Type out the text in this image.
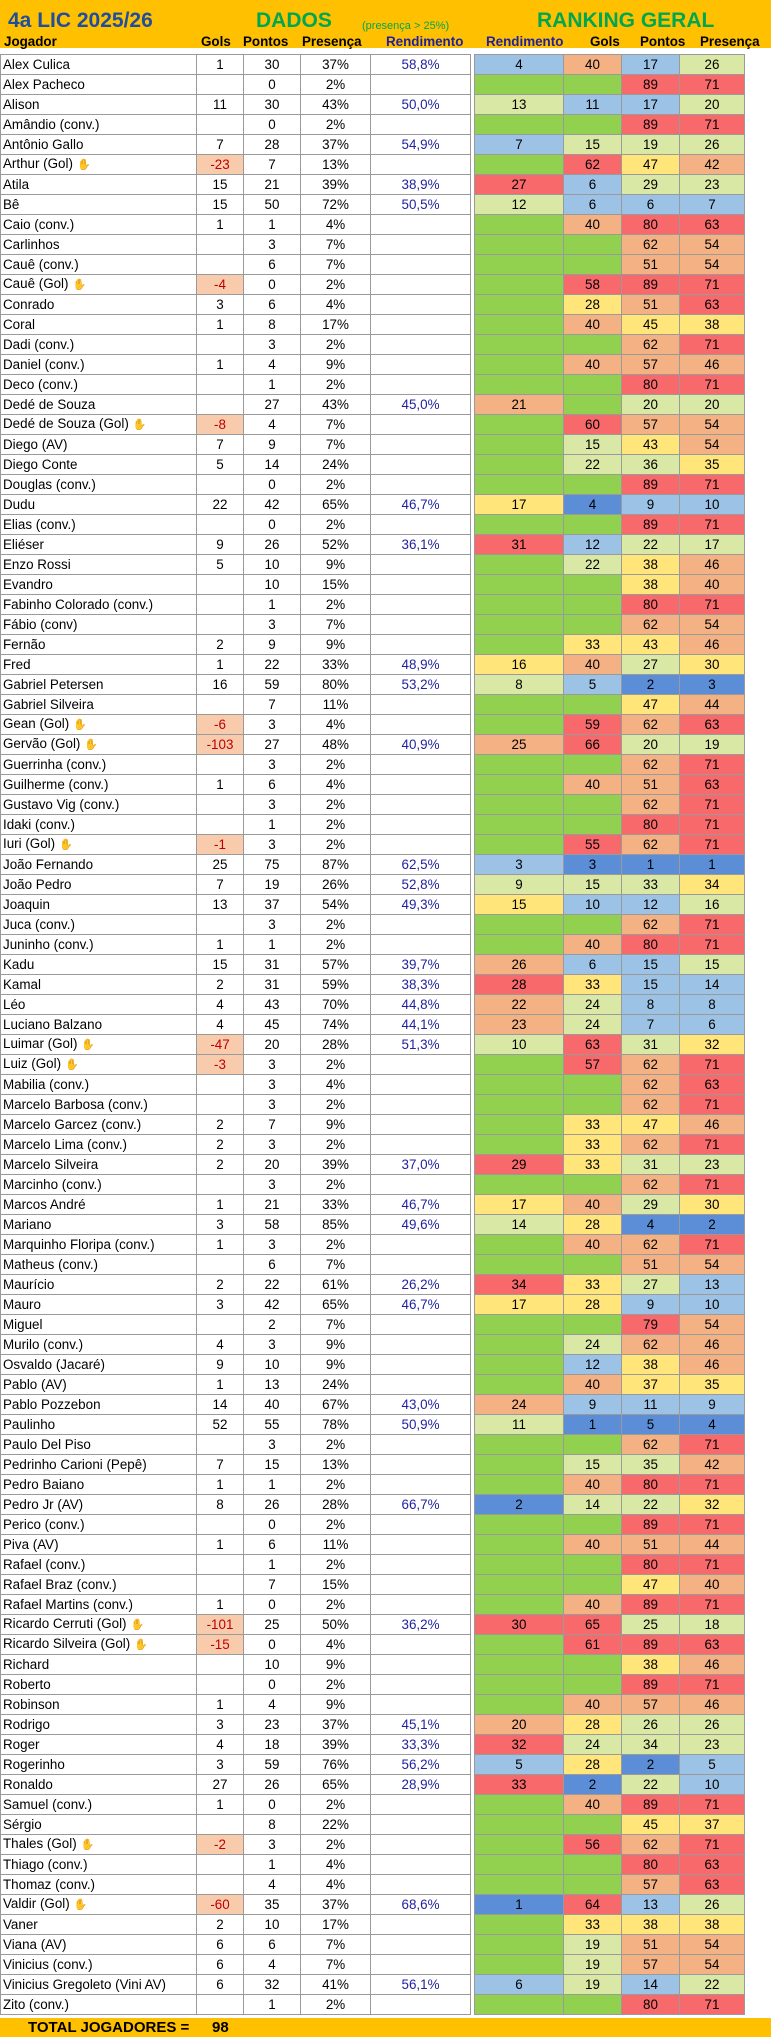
4a LIC 2025/26	DADOS	(presença > 25%)	RANKING GERAL
Jogador	Gols Pontos Presença Rendimento Rendimento Gols Pontos Presença
Alex Culica	1	30	37%	58,8%		4	40	17	26
Alex Pacheco		0	2%					89	71
Alison	11	30	43%	50,0%		13	11	17	20
Amândio (conv.)		0	2%					89	71
Antônio Gallo	7	28	37%	54,9%		7	15	19	26
Arthur (Gol) ✋	-23	7	13%				62	47	42
Atila	15	21	39%	38,9%		27	6	29	23
Bê	15	50	72%	50,5%		12	6	6	7
Caio (conv.)	1	1	4%				40	80	63
Carlinhos		3	7%					62	54
Cauê (conv.)		6	7%					51	54
Cauê (Gol) ✋	-4	0	2%				58	89	71
Conrado	3	6	4%				28	51	63
Coral	1	8	17%				40	45	38
Dadi (conv.)		3	2%					62	71
Daniel (conv.)	1	4	9%				40	57	46
Deco (conv.)		1	2%					80	71
Dedé de Souza		27	43%	45,0%		21		20	20
Dedé de Souza (Gol) ✋	-8	4	7%				60	57	54
Diego (AV)	7	9	7%				15	43	54
Diego Conte	5	14	24%				22	36	35
Douglas (conv.)		0	2%					89	71
Dudu	22	42	65%	46,7%		17	4	9	10
Elias (conv.)		0	2%					89	71
Eliéser	9	26	52%	36,1%		31	12	22	17
Enzo Rossi	5	10	9%				22	38	46
Evandro		10	15%					38	40
Fabinho Colorado (conv.)		1	2%					80	71
Fábio (conv)		3	7%					62	54
Fernão	2	9	9%				33	43	46
Fred	1	22	33%	48,9%		16	40	27	30
Gabriel Petersen	16	59	80%	53,2%		8	5	2	3
Gabriel Silveira		7	11%					47	44
Gean (Gol) ✋	-6	3	4%				59	62	63
Gervão (Gol) ✋	-103	27	48%	40,9%		25	66	20	19
Guerrinha (conv.)		3	2%					62	71
Guilherme (conv.)	1	6	4%				40	51	63
Gustavo Vig (conv.)		3	2%					62	71
Idaki (conv.)		1	2%					80	71
Iuri (Gol) ✋	-1	3	2%				55	62	71
João Fernando	25	75	87%	62,5%		3	3	1	1
João Pedro	7	19	26%	52,8%		9	15	33	34
Joaquin	13	37	54%	49,3%		15	10	12	16
Juca (conv.)		3	2%					62	71
Juninho (conv.)	1	1	2%				40	80	71
Kadu	15	31	57%	39,7%		26	6	15	15
Kamal	2	31	59%	38,3%		28	33	15	14
Léo	4	43	70%	44,8%		22	24	8	8
Luciano Balzano	4	45	74%	44,1%		23	24	7	6
Luimar (Gol) ✋	-47	20	28%	51,3%		10	63	31	32
Luiz (Gol) ✋	-3	3	2%				57	62	71
Mabilia (conv.)		3	4%					62	63
Marcelo Barbosa (conv.)		3	2%					62	71
Marcelo Garcez (conv.)	2	7	9%				33	47	46
Marcelo Lima (conv.)	2	3	2%				33	62	71
Marcelo Silveira	2	20	39%	37,0%		29	33	31	23
Marcinho (conv.)		3	2%					62	71
Marcos André	1	21	33%	46,7%		17	40	29	30
Mariano	3	58	85%	49,6%		14	28	4	2
Marquinho Floripa (conv.)	1	3	2%				40	62	71
Matheus (conv.)		6	7%					51	54
Maurício	2	22	61%	26,2%		34	33	27	13
Mauro	3	42	65%	46,7%		17	28	9	10
Miguel		2	7%					79	54
Murilo (conv.)	4	3	9%				24	62	46
Osvaldo (Jacaré)	9	10	9%				12	38	46
Pablo (AV)	1	13	24%				40	37	35
Pablo Pozzebon	14	40	67%	43,0%		24	9	11	9
Paulinho	52	55	78%	50,9%		11	1	5	4
Paulo Del Piso		3	2%					62	71
Pedrinho Carioni (Pepê)	7	15	13%				15	35	42
Pedro Baiano	1	1	2%				40	80	71
Pedro Jr (AV)	8	26	28%	66,7%		2	14	22	32
Perico (conv.)		0	2%					89	71
Piva (AV)	1	6	11%				40	51	44
Rafael (conv.)		1	2%					80	71
Rafael Braz (conv.)		7	15%					47	40
Rafael Martins (conv.)	1	0	2%				40	89	71
Ricardo Cerruti (Gol) ✋	-101	25	50%	36,2%		30	65	25	18
Ricardo Silveira (Gol) ✋	-15	0	4%				61	89	63
Richard		10	9%					38	46
Roberto		0	2%					89	71
Robinson	1	4	9%				40	57	46
Rodrigo	3	23	37%	45,1%		20	28	26	26
Roger	4	18	39%	33,3%		32	24	34	23
Rogerinho	3	59	76%	56,2%		5	28	2	5
Ronaldo	27	26	65%	28,9%		33	2	22	10
Samuel (conv.)	1	0	2%				40	89	71
Sérgio		8	22%					45	37
Thales (Gol) ✋	-2	3	2%				56	62	71
Thiago (conv.)		1	4%					80	63
Thomaz (conv.)		4	4%					57	63
Valdir (Gol) ✋	-60	35	37%	68,6%		1	64	13	26
Vaner	2	10	17%				33	38	38
Viana (AV)	6	6	7%				19	51	54
Vinicius (conv.)	6	4	7%				19	57	54
Vinicius Gregoleto (Vini AV)	6	32	41%	56,1%		6	19	14	22
Zito (conv.)		1	2%					80	71
TOTAL JOGADORES = 98
